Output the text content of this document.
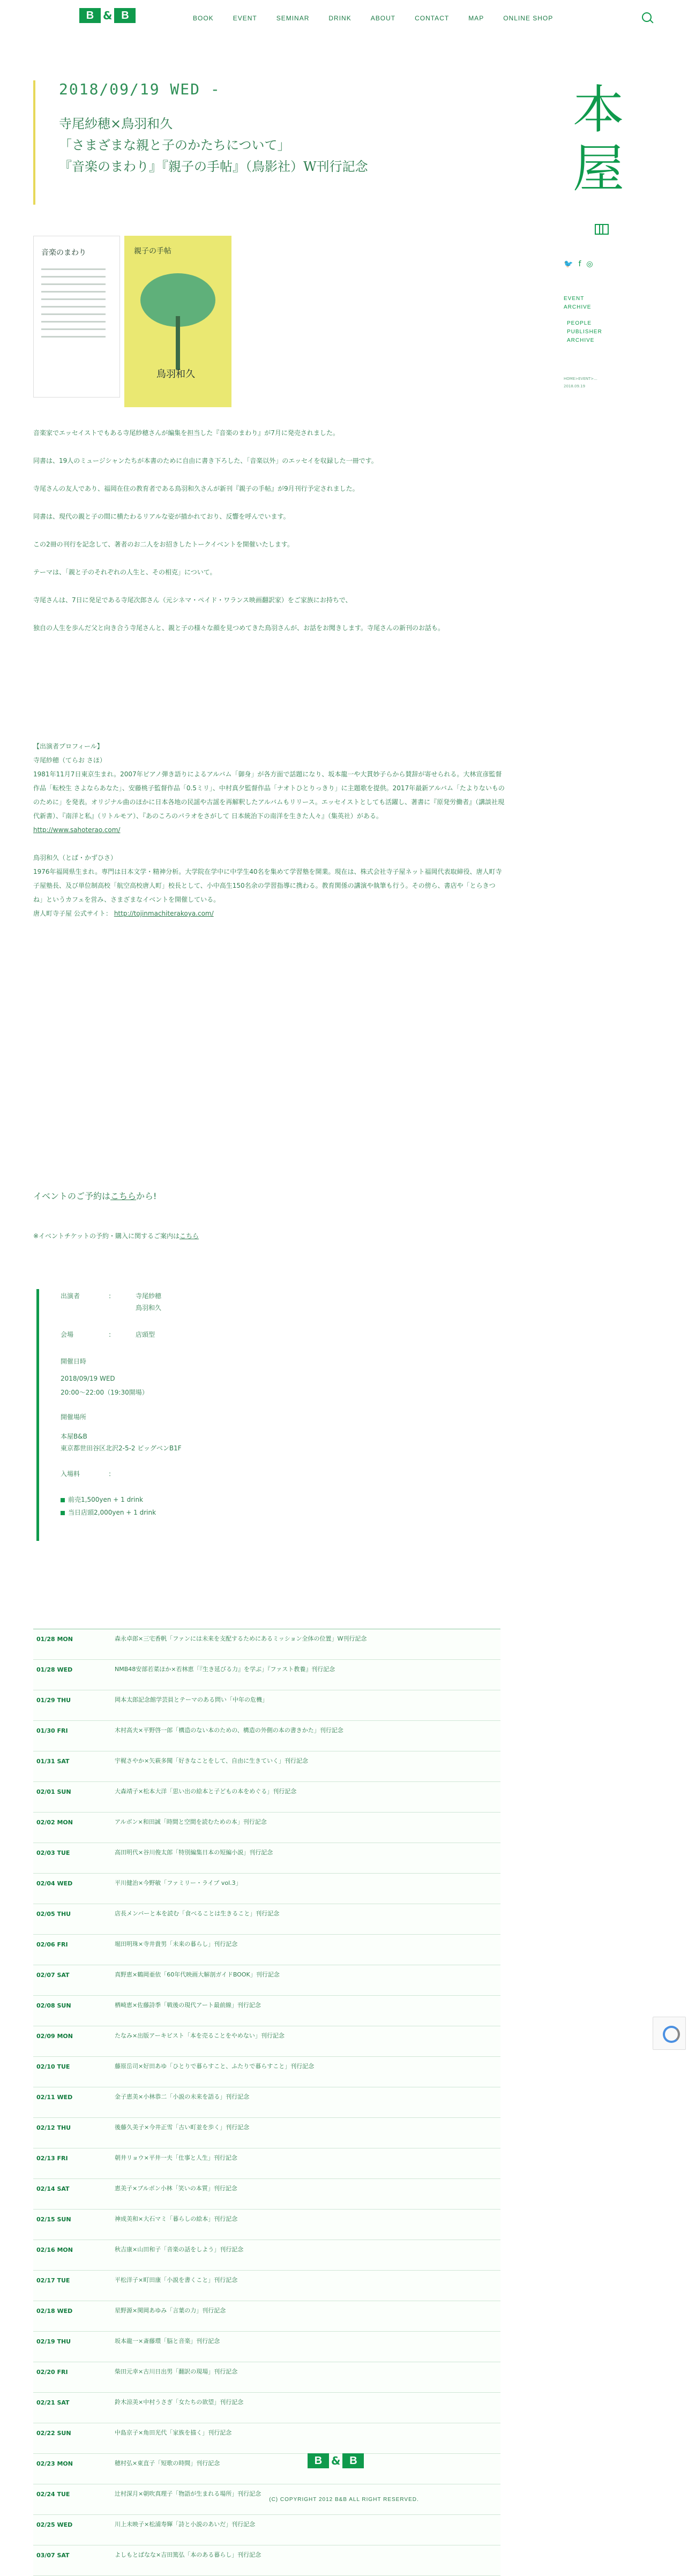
B & B	BOOK	EVENT	SEMINAR	DRINK	ABOUT	CONTACT	MAP	ONLINE SHOP
2018/09/19 WED -
寺尾紗穂×鳥羽和久
「さまざまな親と子のかたちについて」
『音楽のまわり』『親子の手帖』（鳥影社）W刊行記念
本
屋
🐦 f ◎
EVENT
ARCHIVE
PEOPLE
PUBLISHER
ARCHIVE
HOME>EVENT>...
2018.09.19
音楽のまわり	親子の手帖
鳥羽和久

音楽家でエッセイストでもある寺尾紗穂さんが編集を担当した『音楽のまわり』が7月に発売されました。

同書は、19人のミュージシャンたちが本書のために自由に書き下ろした、「音楽以外」のエッセイを収録した一冊です。

寺尾さんの友人であり、福岡在住の教育者である鳥羽和久さんが新刊『親子の手帖』が9月刊行予定されました。

同書は、現代の親と子の間に横たわるリアルな姿が描かれており、反響を呼んでいます。

この2冊の刊行を記念して、著者のお二人をお招きしたトークイベントを開催いたします。

テーマは、「親と子のそれぞれの人生と、その相克」について。

寺尾さんは、7日に発足である寺尾次郎さん（元シネマ・ペイド・ワランス映画翻訳家）をご家族にお持ちで、

独自の人生を歩んだ父と向き合う寺尾さんと、親と子の様々な顔を見つめてきた鳥羽さんが、お話をお聞きします。寺尾さんの新刊のお話も。

【出演者プロフィール】
寺尾紗穂（てらお さほ）
1981年11月7日東京生まれ。2007年ピアノ弾き語りによるアルバム「御身」が各方面で話題になり、坂本龍一や大貫妙子らから賛辞が寄せられる。大林宣彦監督作品「転校生 さよならあなた」、安藤桃子監督作品「0.5ミリ」、中村真夕監督作品「ナオトひとりっきり」に主題歌を提供。2017年最新アルバム「たよりないもののために」を発表。オリジナル曲のほかに日本各地の民謡や古謡を再解釈したアルバムもリリース。エッセイストとしても活躍し、著書に『原発労働者』（講談社現代新書）、『南洋と私』（リトルモア）、『あのころのパラオをさがして 日本統治下の南洋を生きた人々』（集英社）がある。
http://www.sahoterao.com/

鳥羽和久（とば・かずひさ）
1976年福岡県生まれ。専門は日本文学・精神分析。大学院在学中に中学生40名を集めて学習塾を開業。現在は、株式会社寺子屋ネット福岡代表取締役、唐人町寺子屋塾長、及び単位制高校「航空高校唐人町」校長として、小中高生150名余の学習指導に携わる。教育関係の講演や執筆も行う。その傍ら、書店や「とらきつね」というカフェを営み、さまざまなイベントを開催している。
唐人町寺子屋 公式サイト： http://tojinmachiterakoya.com/

イベントのご予約はこちらから!
※イベントチケットの予約・購入に関するご案内はこちら
出演者	:	寺尾紗穂
鳥羽和久
会場	:	店頭型
開催日時
2018/09/19 WED
20:00〜22:00（19:30開場）
開催場所
本屋B&B
東京都世田谷区北沢2-5-2 ビッグベンB1F
入場料	:
前売1,500yen + 1 drink
当日店頭2,000yen + 1 drink
01/28 MON	森永卓郎×三宅香帆「ファンには未来を支配するためにあるミッション全体の位置」W刊行記念
01/28 WED	NMB48安部若菜ほか×若林恵「『生き延びる力』を学ぶ」『ファスト教養』刊行記念
01/29 THU	岡本太郎記念館学芸員とテーマのある問い「中年の危機」
01/30 FRI	木村高夫×平野啓一郎「構造のない本のための、構造の外側の本の書きかた」刊行記念
01/31 SAT	宇梶さやか×矢萩多聞「好きなことをして、自由に生きていく」刊行記念
02/01 SUN	大森靖子×松本大洋「思い出の絵本と子どもの本をめぐる」刊行記念
02/02 MON	アルボン×和田誠「時間と空間を読むための本」刊行記念
02/03 TUE	高田明代×谷川俊太郎「特別編集日本の短編小説」刊行記念
02/04 WED	平川健治×今野敏「ファミリー・ライブ vol.3」
02/05 THU	店長メンバーと本を読む「食べることは生きること」刊行記念
02/06 FRI	堀田明珠×寺井貴男「未来の暮らし」刊行記念
02/07 SAT	真野恵×鶴岡亜依「60年代映画大解剖ガイドBOOK」刊行記念
02/08 SUN	栖崎恵×佐藤詩季「戦後の現代アート最前線」刊行記念
02/09 MON	たなみ×出版アーキビスト「本を売ることをやめない」刊行記念
02/10 TUE	藤原岳司×好田あゆ「ひとりで暮らすこと、ふたりで暮らすこと」刊行記念
02/11 WED	金子恵美×小林恭二「小説の未来を語る」刊行記念
02/12 THU	後藤久美子×今井正雪「古い町並を歩く」刊行記念
02/13 FRI	朝井リョウ×平井一夫「仕事と人生」刊行記念
02/14 SAT	恵美子×ブルボン小林「笑いの本質」刊行記念
02/15 SUN	神成美和×大石マミ「暮らしの絵本」刊行記念
02/16 MON	秋吉康×山田和子「音楽の話をしよう」刊行記念
02/17 TUE	平松洋子×町田康「小説を書くこと」刊行記念
02/18 WED	星野源×関岡あゆみ「言葉の力」刊行記念
02/19 THU	坂本龍一×斎藤環「脳と音楽」刊行記念
02/20 FRI	柴田元幸×古川日出男「翻訳の現場」刊行記念
02/21 SAT	鈴木涼美×中村うさぎ「女たちの欲望」刊行記念
02/22 SUN	中島京子×角田光代「家族を描く」刊行記念
02/23 MON	穂村弘×東直子「短歌の時間」刊行記念
02/24 TUE	辻村深月×朝吹真理子「物語が生まれる場所」刊行記念
02/25 WED	川上未映子×松浦寿輝「詩と小説のあいだ」刊行記念
03/07 SAT	よしもとばなな×吉田篤弘「本のある暮らし」刊行記念
B & B
(C) COPYRIGHT 2012 B&B ALL RIGHT RESERVED.
